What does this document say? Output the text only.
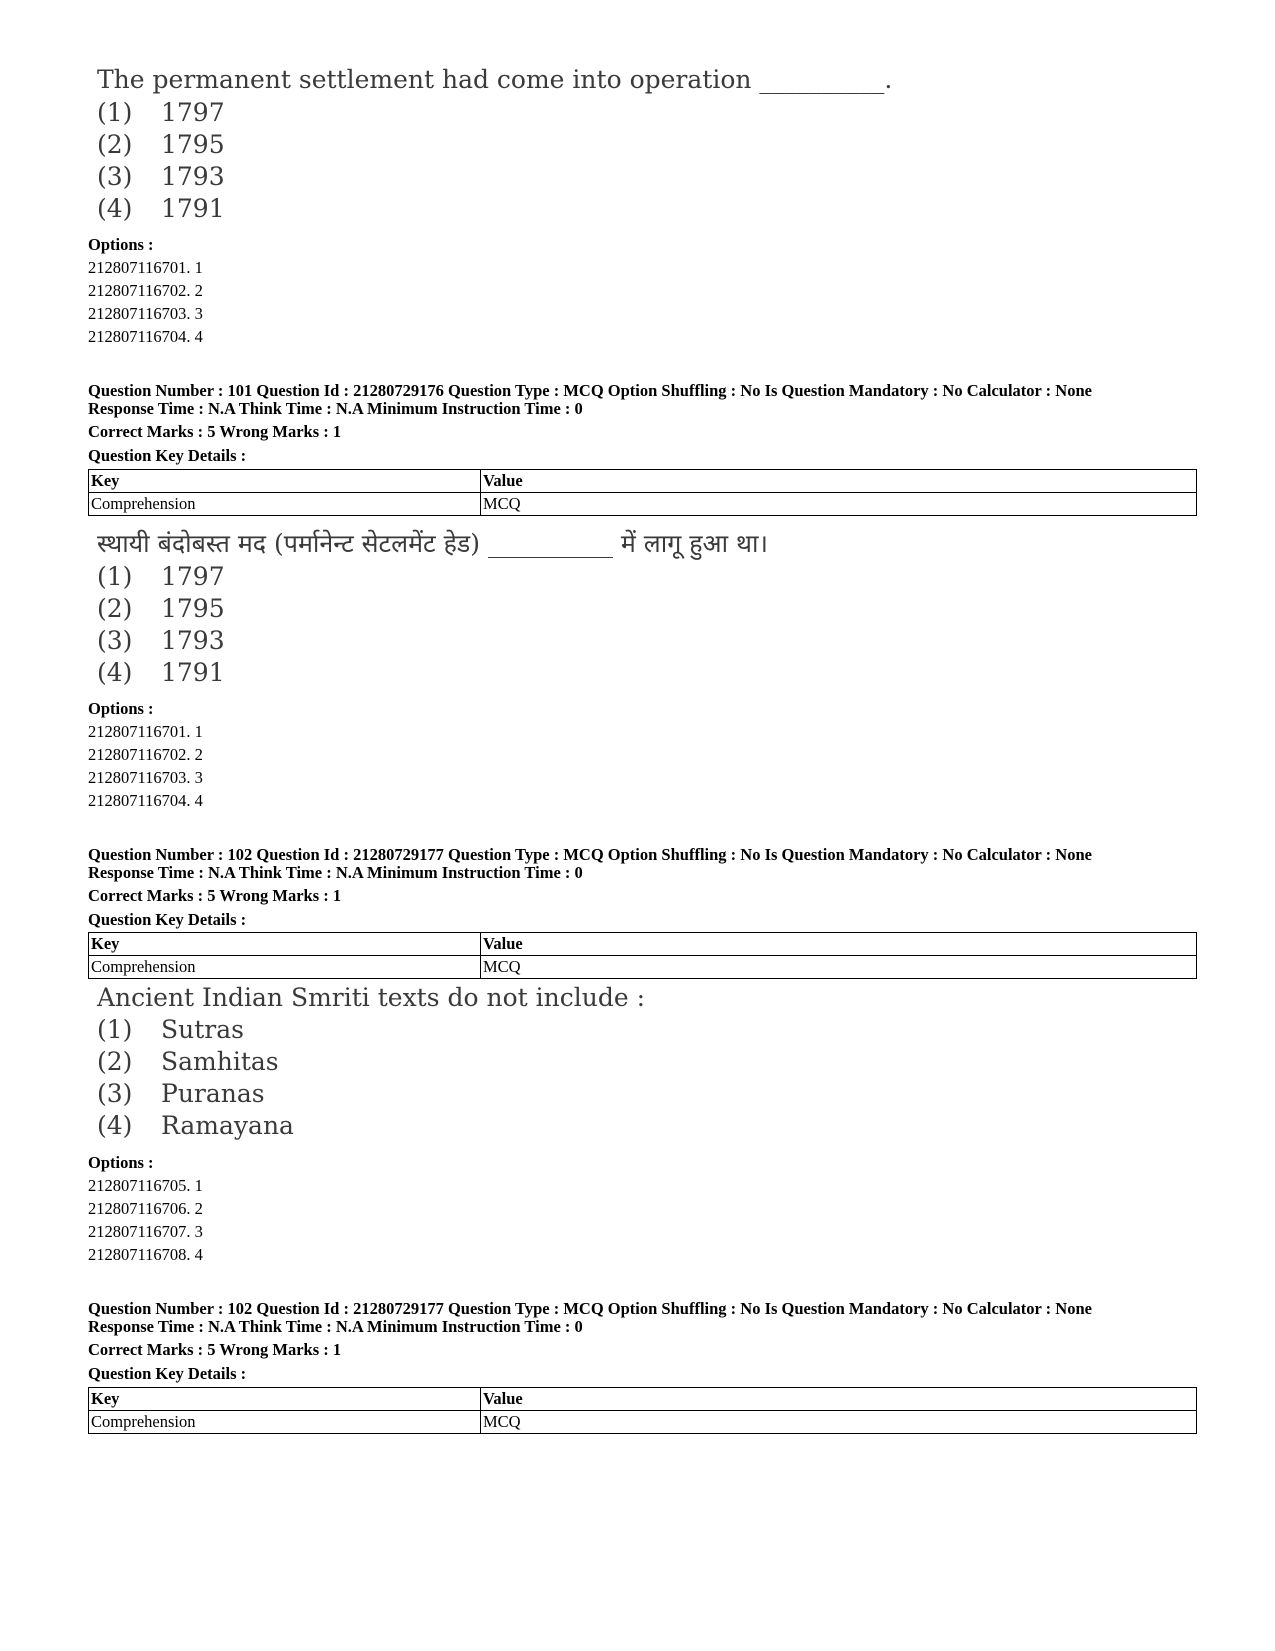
The permanent settlement had come into operation __________.
(1) 1797
(2) 1795
(3) 1793
(4) 1791
Options :
212807116701. 1
212807116702. 2
212807116703. 3
212807116704. 4
Question Number : 101 Question Id : 21280729176 Question Type : MCQ Option Shuffling : No Is Question Mandatory : No Calculator : None
Response Time : N.A Think Time : N.A Minimum Instruction Time : 0
Correct Marks : 5 Wrong Marks : 1
Question Key Details :
Key	Value
Comprehension	MCQ
स्थायी बंदोबस्त मद (पर्मानेन्ट सेटलमेंट हेड) __________ में लागू हुआ था।
(1) 1797
(2) 1795
(3) 1793
(4) 1791
Options :
212807116701. 1
212807116702. 2
212807116703. 3
212807116704. 4
Question Number : 102 Question Id : 21280729177 Question Type : MCQ Option Shuffling : No Is Question Mandatory : No Calculator : None
Response Time : N.A Think Time : N.A Minimum Instruction Time : 0
Correct Marks : 5 Wrong Marks : 1
Question Key Details :
Key	Value
Comprehension	MCQ
Ancient Indian Smriti texts do not include :
(1) Sutras
(2) Samhitas
(3) Puranas
(4) Ramayana
Options :
212807116705. 1
212807116706. 2
212807116707. 3
212807116708. 4
Question Number : 102 Question Id : 21280729177 Question Type : MCQ Option Shuffling : No Is Question Mandatory : No Calculator : None
Response Time : N.A Think Time : N.A Minimum Instruction Time : 0
Correct Marks : 5 Wrong Marks : 1
Question Key Details :
Key	Value
Comprehension	MCQ
